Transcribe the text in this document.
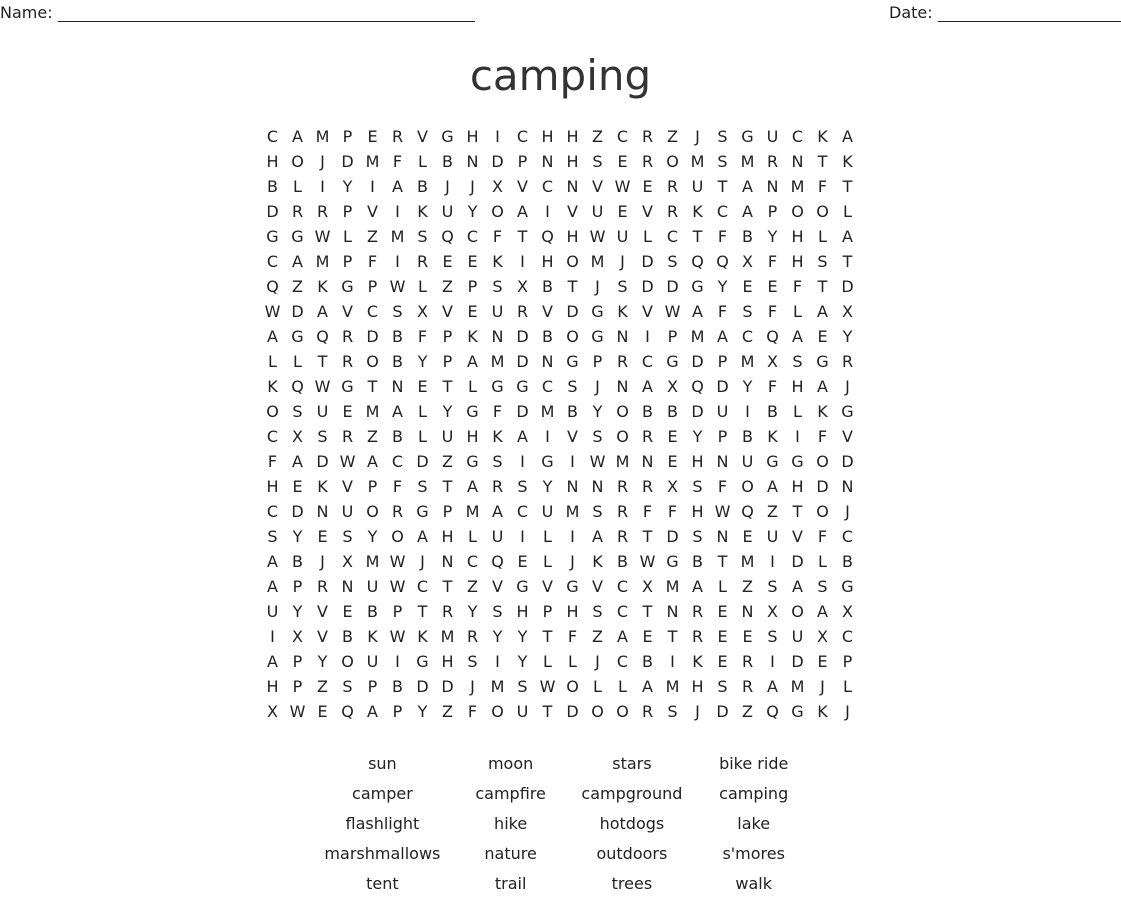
Name:	Date:
camping
C A M P E R V G H	I	C H H Z C R Z	J	S G U C K A
H O	J	D M F L B N D P N H S E R O M S M R N T K
B L	I	Y	I	A B	J	J	X V C N V W E R U T A N M F T
D R R P V	I	K U Y O A	I	V U E V R K C A P O O L
G G W L Z M S Q C F T Q H W U L C T F B Y H L A
C A M P F	I	R E E K	I	H O M J	D S Q Q X F H S T
Q Z K G P W L Z P S X B T	J	S D D G Y E E F T D
W D A V C S X V E U R V D G K V W A F S F L A X
A G Q R D B F P K N D B O G N	I	P M A C Q A E Y
L	L T R O B Y P A M D N G P R C G D P M X S G R
K Q W G T N E T L G G C S	J	N A X Q D Y F H A	J
O S U E M A L Y G F D M B Y O B B D U	I	B L K G
C X S R Z B L U H K A	I	V S O R E Y P B K	I	F V
F A D W A C D Z G S	I	G	I W M N E H N U G G O D
H E K V P F S T A R S Y N N R R X S F O A H D N
C D N U O R G P M A C U M S R F F H W Q Z T O	J
S Y E S Y O A H L U	I	L	I	A R T D S N E U V F C
A B	J	X M W J	N C Q E L	J	K B W G B T M I	D L B
A P R N U W C T Z V G V G V C X M A L Z S A S G
U Y V E B P T R Y S H P H S C T N R E N X O A X
I	X V B K W K M R Y Y T F Z A E T R E E S U X C
A P Y O U	I	G H S	I	Y L	L	J	C B	I	K E R	I	D E P
H P Z S P B D D	J M S W O L	L A M H S R A M J	L
X W E Q A P Y Z F O U T D O O R S	J	D Z Q G K	J
sun	moon	stars	bike ride
camper	campfire	campground	camping
flashlight	hike	hotdogs	lake
marshmallows	nature	outdoors	s'mores
tent	trail	trees	walk
